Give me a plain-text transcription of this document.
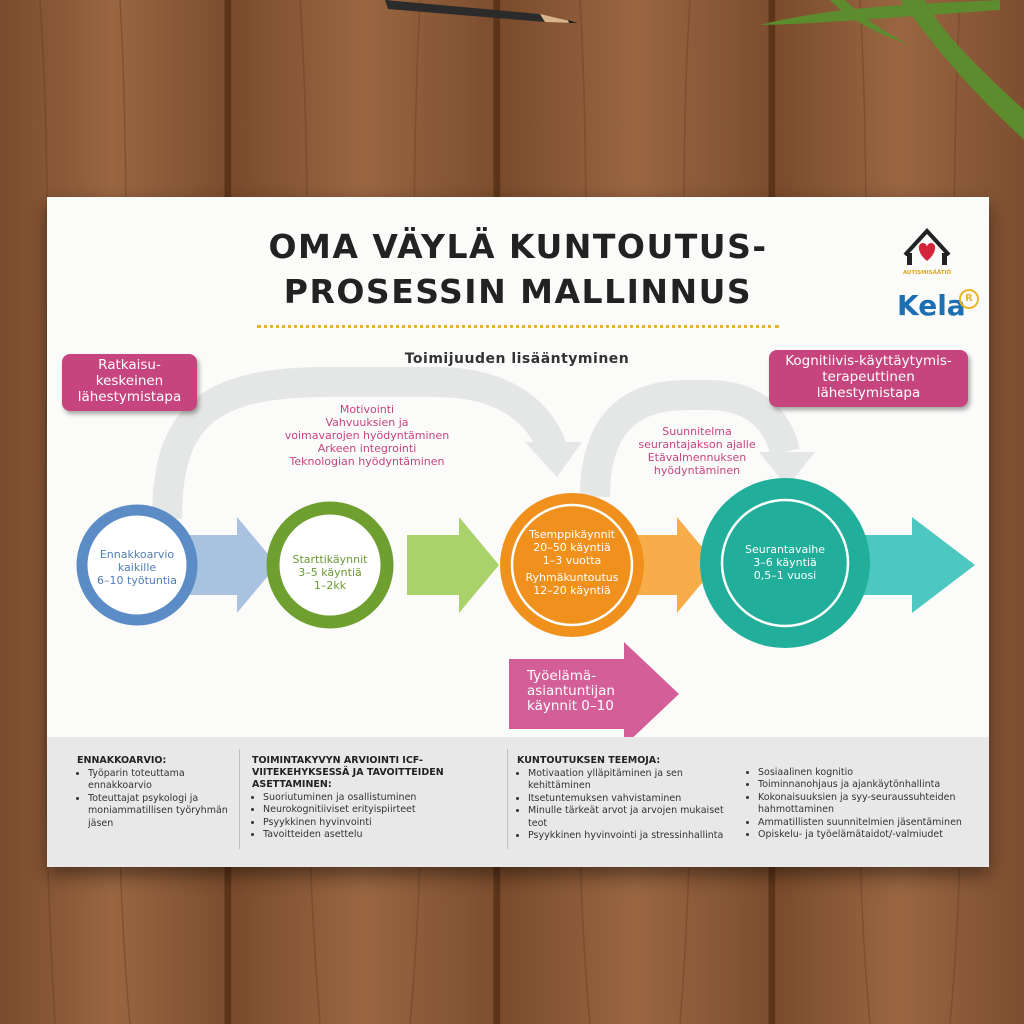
OMA VÄYLÄ KUNTOUTUS-
PROSESSIN MALLINNUS	AUTISMISÄÄTIÖ
Kela R
Ratkaisu-
keskeinen
lähestymistapa
Kognitiivis-käyttäytymis-
terapeuttinen
lähestymistapa
Toimijuuden lisääntyminen
Motivointi
Vahvuuksien ja
voimavarojen hyödyntäminen
Arkeen integrointi
Teknologian hyödyntäminen
Suunnitelma
seurantajakson ajalle
Etävalmennuksen
hyödyntäminen
Ennakkoarvio
kaikille
6–10 työtuntia
Starttikäynnit
3–5 käyntiä
1–2kk
Tsemppikäynnit
20–50 käyntiä
1–3 vuotta
Ryhmäkuntoutus
12–20 käyntiä
Seurantavaihe
3–6 käyntiä
0,5–1 vuosi
Työelämä-
asiantuntijan
käynnit 0–10
ENNAKKOARVIO:
• Työparin toteuttama ennakkoarvio
• Toteuttajat psykologi ja moniammatillisen työryhmän jäsen
TOIMINTAKYVYN ARVIOINTI ICF-VIITEKEHYKSESSÄ JA TAVOITTEIDEN ASETTAMINEN:
• Suoriutuminen ja osallistuminen
• Neurokognitiiviset erityispiirteet
• Psyykkinen hyvinvointi
• Tavoitteiden asettelu
KUNTOUTUKSEN TEEMOJA:
• Motivaation ylläpitäminen ja sen kehittäminen
• Itsetuntemuksen vahvistaminen
• Minulle tärkeät arvot ja arvojen mukaiset teot
• Psyykkinen hyvinvointi ja stressinhallinta
• Sosiaalinen kognitio
• Toiminnanohjaus ja ajankäytönhallinta
• Kokonaisuuksien ja syy-seuraussuhteiden hahmottaminen
• Ammatillisten suunnitelmien jäsentäminen
• Opiskelu- ja työelämätaidot/-valmiudet
